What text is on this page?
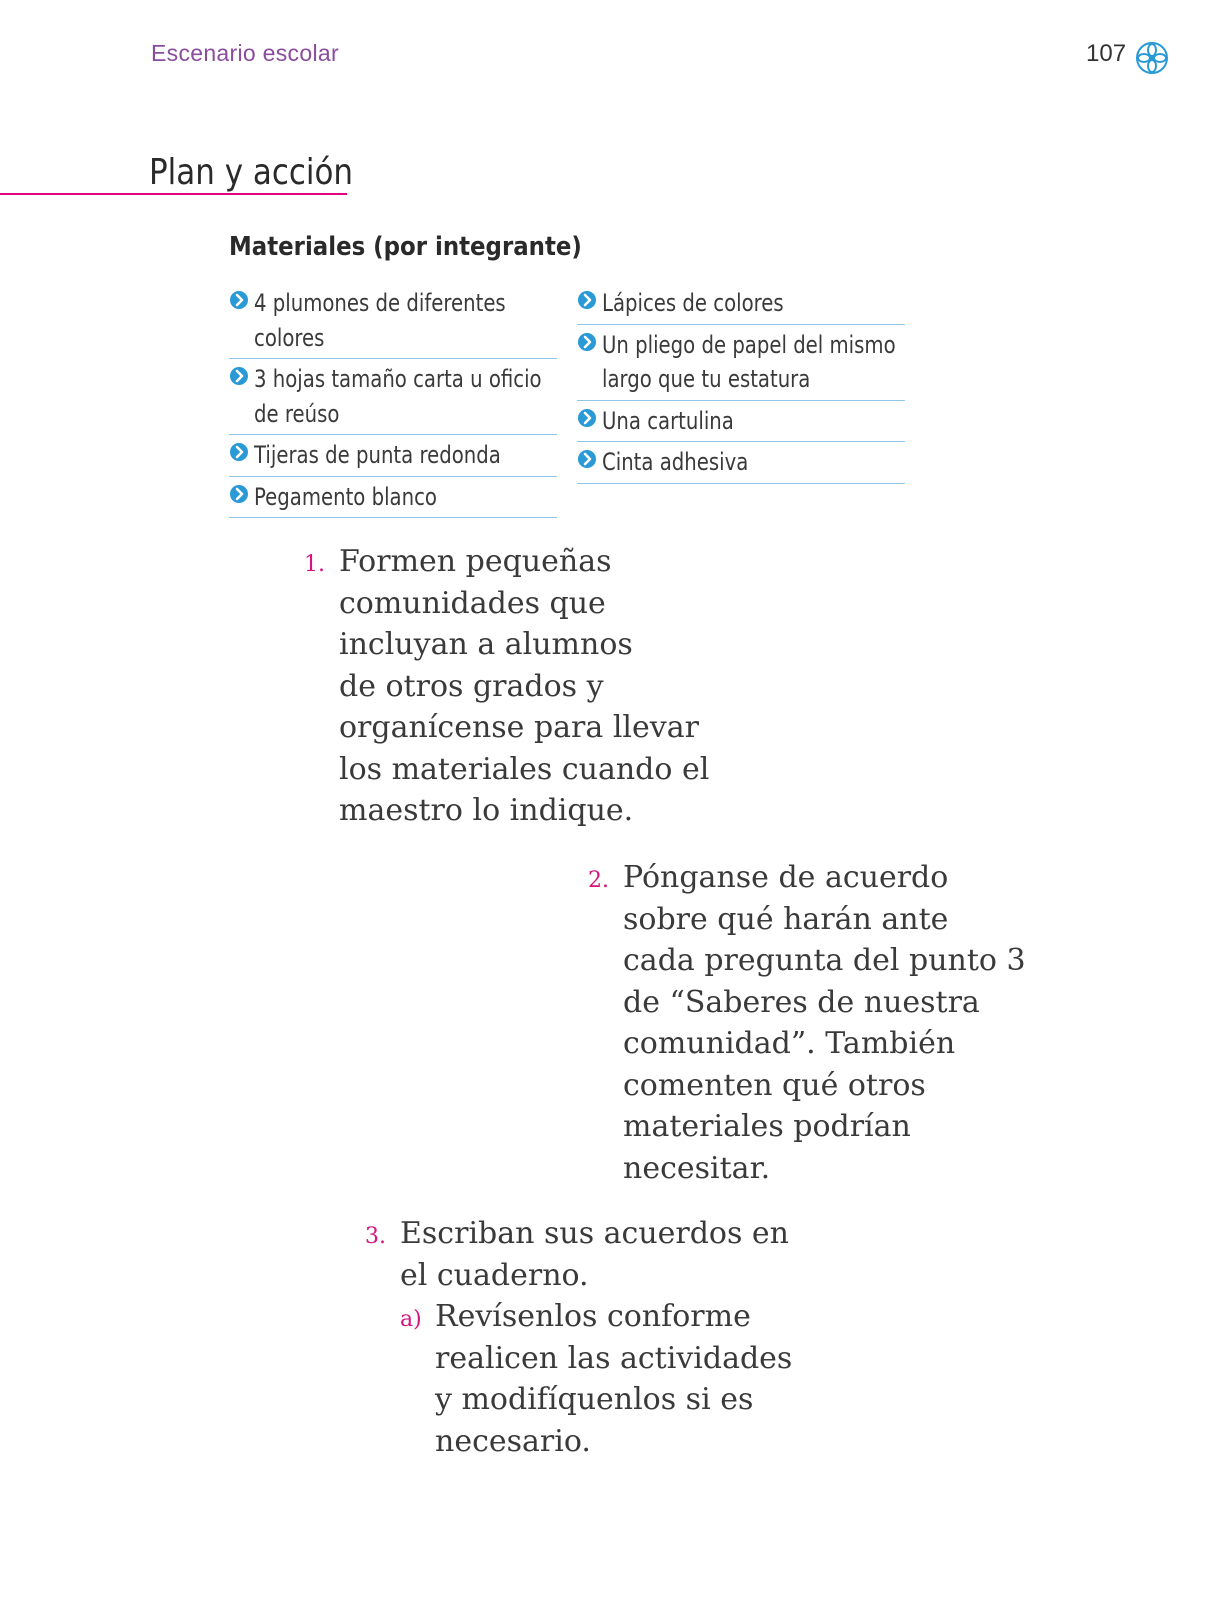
Escenario escolar	107
Plan y acción
Materiales (por integrante)
4 plumones de diferentes
colores
3 hojas tamaño carta u oficio
de reúso
Tijeras de punta redonda
Pegamento blanco
Lápices de colores
Un pliego de papel del mismo
largo que tu estatura
Una cartulina
Cinta adhesiva
1. Formen pequeñas
comunidades que
incluyan a alumnos
de otros grados y
organícense para llevar
los materiales cuando el
maestro lo indique.
2. Pónganse de acuerdo
sobre qué harán ante
cada pregunta del punto 3
de “Saberes de nuestra
comunidad”. También
comenten qué otros
materiales podrían
necesitar.
3. Escriban sus acuerdos en
el cuaderno.
a) Revísenlos conforme
realicen las actividades
y modifíquenlos si es
necesario.
